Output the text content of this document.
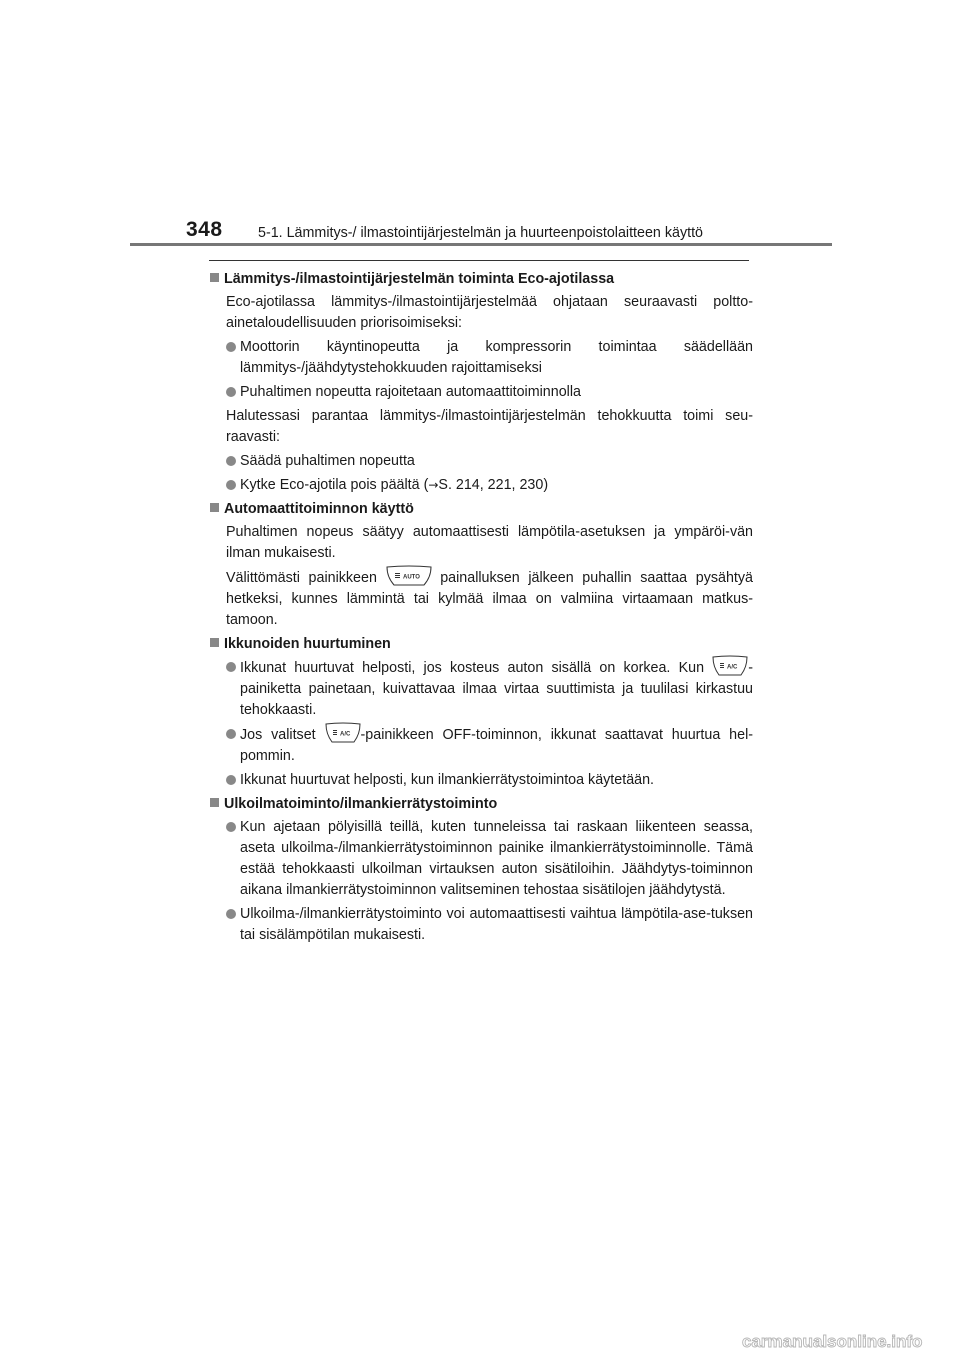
348 5-1. Lämmitys-/ ilmastointijärjestelmän ja huurteenpoistolaitteen käyttö
Lämmitys-/ilmastointijärjestelmän toiminta Eco-ajotilassa
Eco-ajotilassa lämmitys-/ilmastointijärjestelmää ohjataan seuraavasti poltto-ainetaloudellisuuden priorisoimiseksi:
Moottorin käyntinopeutta ja kompressorin toimintaa säädellään lämmitys-/jäähdytystehokkuuden rajoittamiseksi
Puhaltimen nopeutta rajoitetaan automaattitoiminnolla
Halutessasi parantaa lämmitys-/ilmastointijärjestelmän tehokkuutta toimi seu-raavasti:
Säädä puhaltimen nopeutta
Kytke Eco-ajotila pois päältä (→S. 214, 221, 230)
Automaattitoiminnon käyttö
Puhaltimen nopeus säätyy automaattisesti lämpötila-asetuksen ja ympäröi-vän ilman mukaisesti.
Välittömästi painikkeen	AUTO painalluksen jälkeen puhallin saattaa pysähtyä hetkeksi, kunnes lämmintä tai kylmää ilmaa on valmiina virtaamaan matkus-tamoon.
Ikkunoiden huurtuminen
Ikkunat huurtuvat helposti, jos kosteus auton sisällä on korkea. Kun	A/C -painiketta painetaan, kuivattavaa ilmaa virtaa suuttimista ja tuulilasi kirkastuu tehokkaasti.
Jos valitset	A/C -painikkeen OFF-toiminnon, ikkunat saattavat huurtua hel-pommin.
Ikkunat huurtuvat helposti, kun ilmankierrätystoimintoa käytetään.
Ulkoilmatoiminto/ilmankierrätystoiminto
Kun ajetaan pölyisillä teillä, kuten tunneleissa tai raskaan liikenteen seassa, aseta ulkoilma-/ilmankierrätystoiminnon painike ilmankierrätystoiminnolle. Tämä estää tehokkaasti ulkoilman virtauksen auton sisätiloihin. Jäähdytys-toiminnon aikana ilmankierrätystoiminnon valitseminen tehostaa sisätilojen jäähdytystä.
Ulkoilma-/ilmankierrätystoiminto voi automaattisesti vaihtua lämpötila-ase-tuksen tai sisälämpötilan mukaisesti.
carmanualsonline.info
